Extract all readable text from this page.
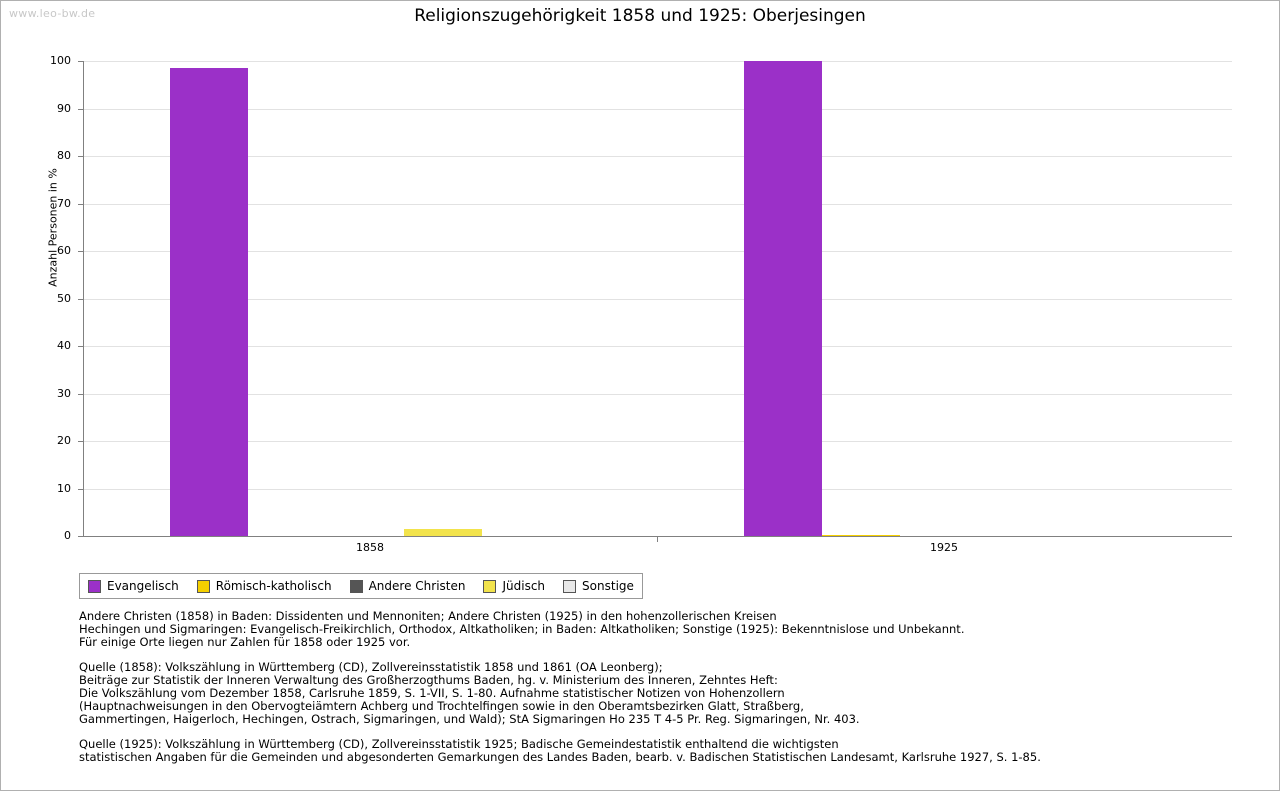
www.leo-bw.de	Religionszugehörigkeit 1858 und 1925: Oberjesingen
Anzahl Personen in %
0
10
20
30
40
50
60
70
80
90
100
1858	1925
Evangelisch	Römisch-katholisch	Andere Christen	Jüdisch	Sonstige

Andere Christen (1858) in Baden: Dissidenten und Mennoniten; Andere Christen (1925) in den hohenzollerischen Kreisen
Hechingen und Sigmaringen: Evangelisch-Freikirchlich, Orthodox, Altkatholiken; in Baden: Altkatholiken; Sonstige (1925): Bekenntnislose und Unbekannt.
Für einige Orte liegen nur Zahlen für 1858 oder 1925 vor.

Quelle (1858): Volkszählung in Württemberg (CD), Zollvereinsstatistik 1858 und 1861 (OA Leonberg);
Beiträge zur Statistik der Inneren Verwaltung des Großherzogthums Baden, hg. v. Ministerium des Inneren, Zehntes Heft:
Die Volkszählung vom Dezember 1858, Carlsruhe 1859, S. 1-VII, S. 1-80. Aufnahme statistischer Notizen von Hohenzollern
(Hauptnachweisungen in den Obervogteiämtern Achberg und Trochtelfingen sowie in den Oberamtsbezirken Glatt, Straßberg,
Gammertingen, Haigerloch, Hechingen, Ostrach, Sigmaringen, und Wald); StA Sigmaringen Ho 235 T 4-5 Pr. Reg. Sigmaringen, Nr. 403.

Quelle (1925): Volkszählung in Württemberg (CD), Zollvereinsstatistik 1925; Badische Gemeindestatistik enthaltend die wichtigsten
statistischen Angaben für die Gemeinden und abgesonderten Gemarkungen des Landes Baden, bearb. v. Badischen Statistischen Landesamt, Karlsruhe 1927, S. 1-85.
